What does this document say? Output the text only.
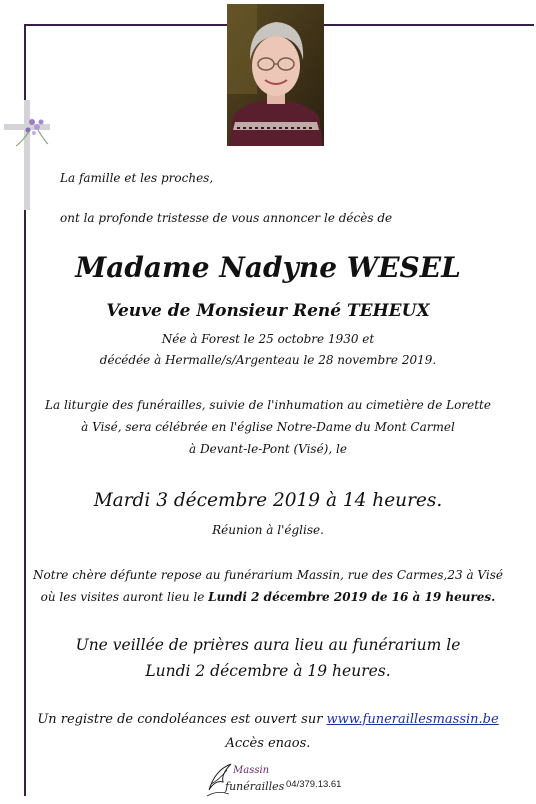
La famille et les proches,
ont la profonde tristesse de vous annoncer le décès de
Madame Nadyne WESEL
Veuve de Monsieur René TEHEUX
Née à Forest le 25 octobre 1930 et
décédée à Hermalle/s/Argenteau le 28 novembre 2019.
La liturgie des funérailles, suivie de l'inhumation au cimetière de Lorette
à Visé, sera célébrée en l'église Notre-Dame du Mont Carmel
à Devant-le-Pont (Visé), le
Mardi 3 décembre 2019 à 14 heures.
Réunion à l'église.
Notre chère défunte repose au funérarium Massin, rue des Carmes,23 à Visé
où les visites auront lieu le Lundi 2 décembre 2019 de 16 à 19 heures.
Une veillée de prières aura lieu au funérarium le
Lundi 2 décembre à 19 heures.
Un registre de condoléances est ouvert sur www.funeraillesmassin.be
Accès enaos.
Massin
funérailles 04/379.13.61
